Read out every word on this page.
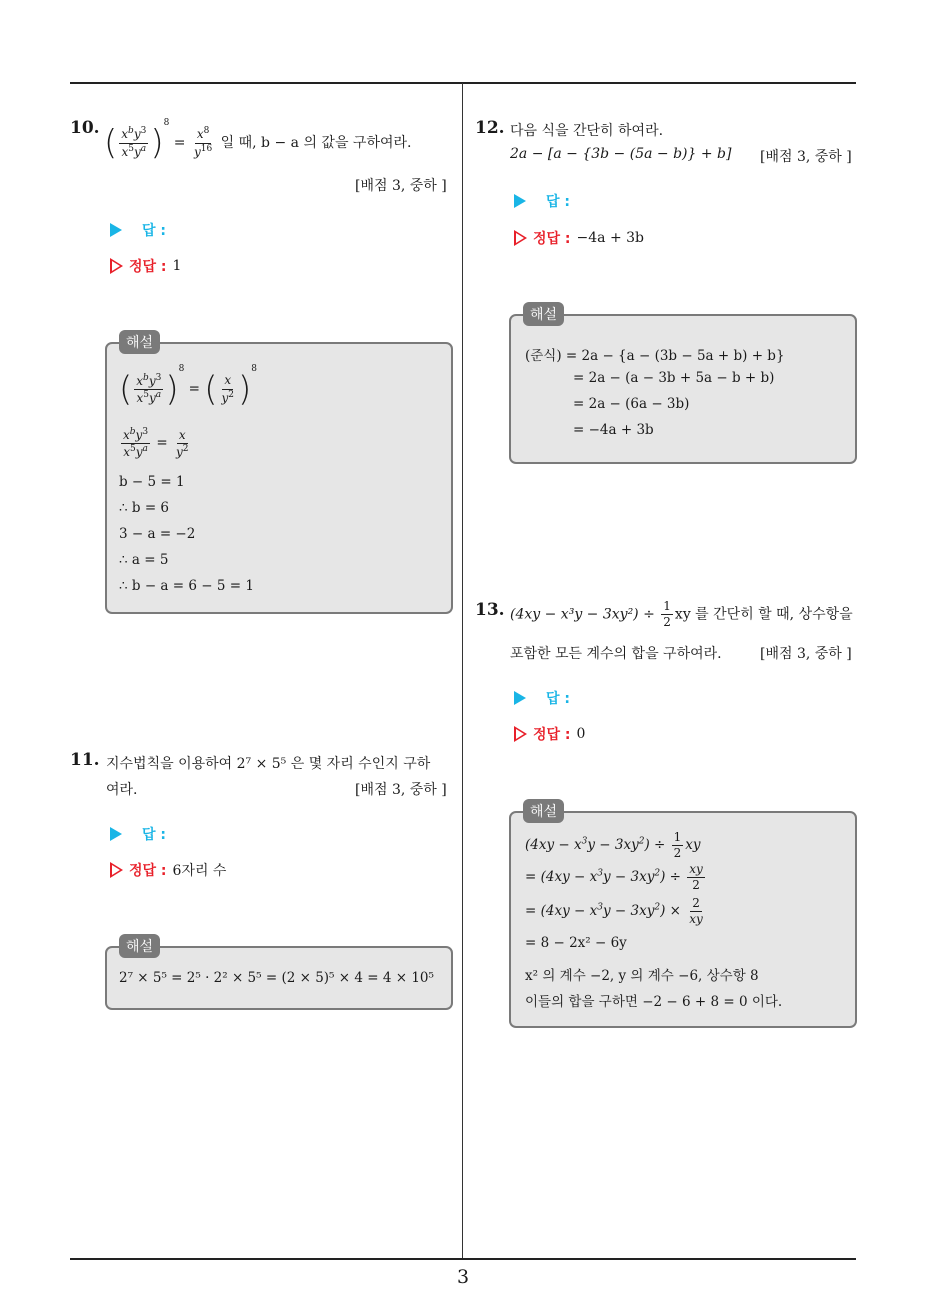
3
10. ( $\frac{x^by^3}{x^5y^a} )^8 = \frac{x^8}{y^{16}}$ 일 때, b − a 의 값을 구하여라.
[배점 3, 중하 ]
답 :
정답 : 1
( $\frac{x^by^3}{x^5y^a} )^8$ = ( $\frac{x}{y^2} )^8$
$\frac{x^by^3}{x^5y^a} = \frac{x}{y^2}$
b − 5 = 1
∴ b = 6
3 − a = −2
∴ a = 5
∴ b − a = 6 − 5 = 1
해설
11. 지수법칙을 이용하여 2⁷ × 5⁵ 은 몇 자리 수인지 구하
여라.	[배점 3, 중하 ]
답 :
정답 : 6자리 수
2⁷ × 5⁵ = 2⁵ · 2² × 5⁵ = (2 × 5)⁵ × 4 = 4 × 10⁵
해설
12. 다음 식을 간단히 하여라.
2a − [a − {3b − (5a − b)} + b] [배점 3, 중하 ]
답 :
정답 : −4a + 3b
(준식) = 2a − {a − (3b − 5a + b) + b}
= 2a − (a − 3b + 5a − b + b)
= 2a − (6a − 3b)
= −4a + 3b
해설
13. $(4xy - x^3y - 3xy^2) \div \frac{1}{2}$ xy 를 간단히 할 때, 상수항을
포함한 모든 계수의 합을 구하여라.	[배점 3, 중하 ]
답 :
정답 : 0
$(4xy - x^3y - 3xy^2) \div \frac{1}{2}$ xy
= $(4xy - x^3y - 3xy^2) \div \frac{xy}{2}$
= $(4xy - x^3y - 3xy^2) \times \frac{2}{xy}$
= 8 − 2x² − 6y
x² 의 계수 −2, y 의 계수 −6, 상수항 8
이들의 합을 구하면 −2 − 6 + 8 = 0 이다.
해설
